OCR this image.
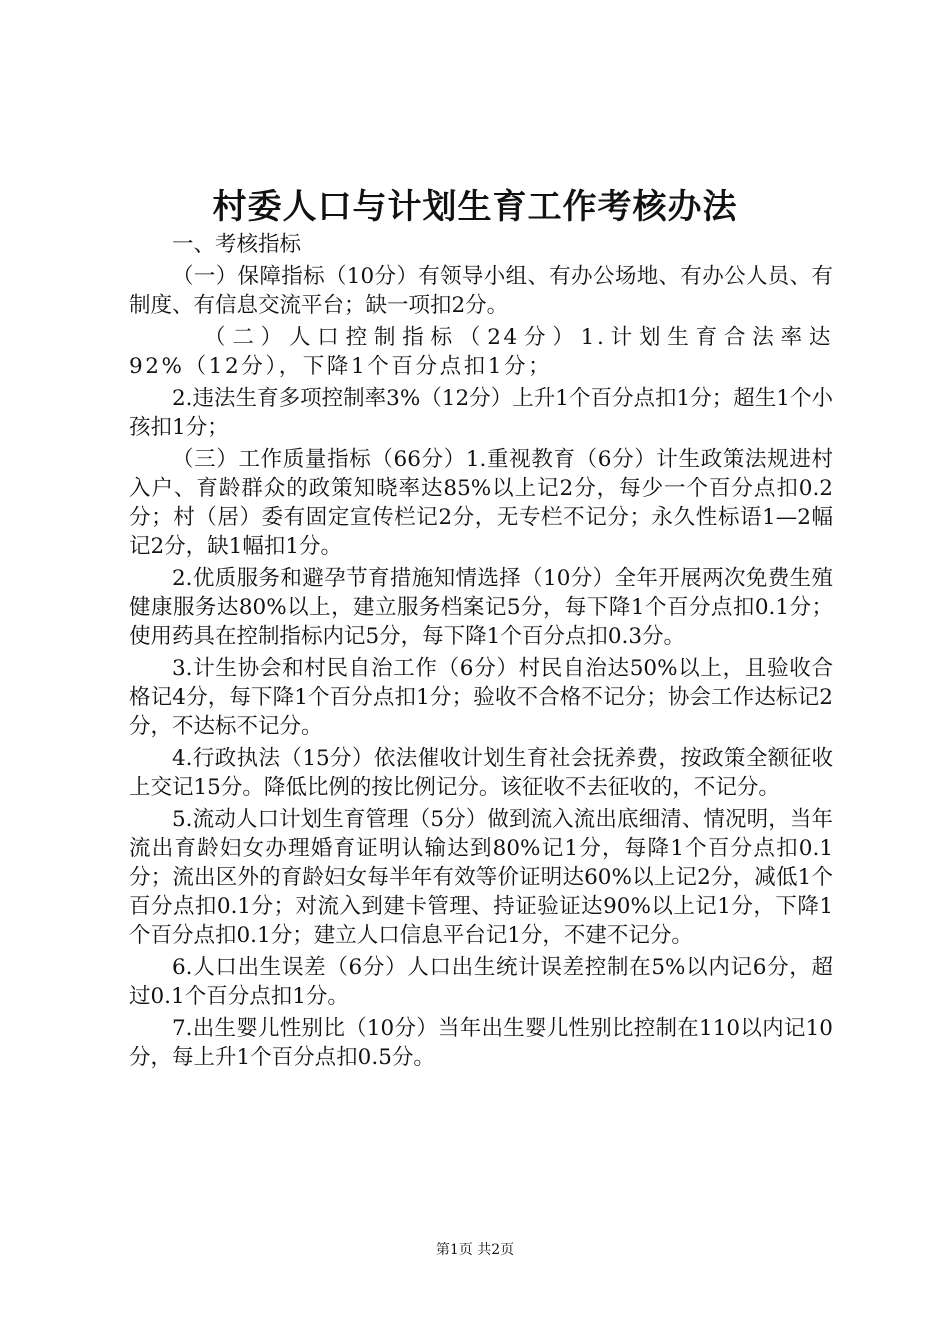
村委人口与计划生育工作考核办法

一、考核指标

（一）保障指标（10分）有领导小组、有办公场地、有办公人员、有制度、有信息交流平台；缺一项扣2分。

（二）人口控制指标（24分）1.计划生育合法率达92%（12分），下降1个百分点扣1分；

2.违法生育多项控制率3%（12分）上升1个百分点扣1分；超生1个小孩扣1分；

（三）工作质量指标（66分）1.重视教育（6分）计生政策法规进村入户、育龄群众的政策知晓率达85%以上记2分，每少一个百分点扣0.2分；村（居）委有固定宣传栏记2分，无专栏不记分；永久性标语1—2幅记2分，缺1幅扣1分。

2.优质服务和避孕节育措施知情选择（10分）全年开展两次免费生殖健康服务达80%以上，建立服务档案记5分，每下降1个百分点扣0.1分；使用药具在控制指标内记5分，每下降1个百分点扣0.3分。

3.计生协会和村民自治工作（6分）村民自治达50%以上，且验收合格记4分，每下降1个百分点扣1分；验收不合格不记分；协会工作达标记2分，不达标不记分。

4.行政执法（15分）依法催收计划生育社会抚养费，按政策全额征收上交记15分。降低比例的按比例记分。该征收不去征收的，不记分。

5.流动人口计划生育管理（5分）做到流入流出底细清、情况明，当年流出育龄妇女办理婚育证明认输达到80%记1分，每降1个百分点扣0.1分；流出区外的育龄妇女每半年有效等价证明达60%以上记2分，减低1个百分点扣0.1分；对流入到建卡管理、持证验证达90%以上记1分，下降1个百分点扣0.1分；建立人口信息平台记1分，不建不记分。

6.人口出生误差（6分）人口出生统计误差控制在5%以内记6分，超过0.1个百分点扣1分。

7.出生婴儿性别比（10分）当年出生婴儿性别比控制在110以内记10分，每上升1个百分点扣0.5分。

第1页 共2页
